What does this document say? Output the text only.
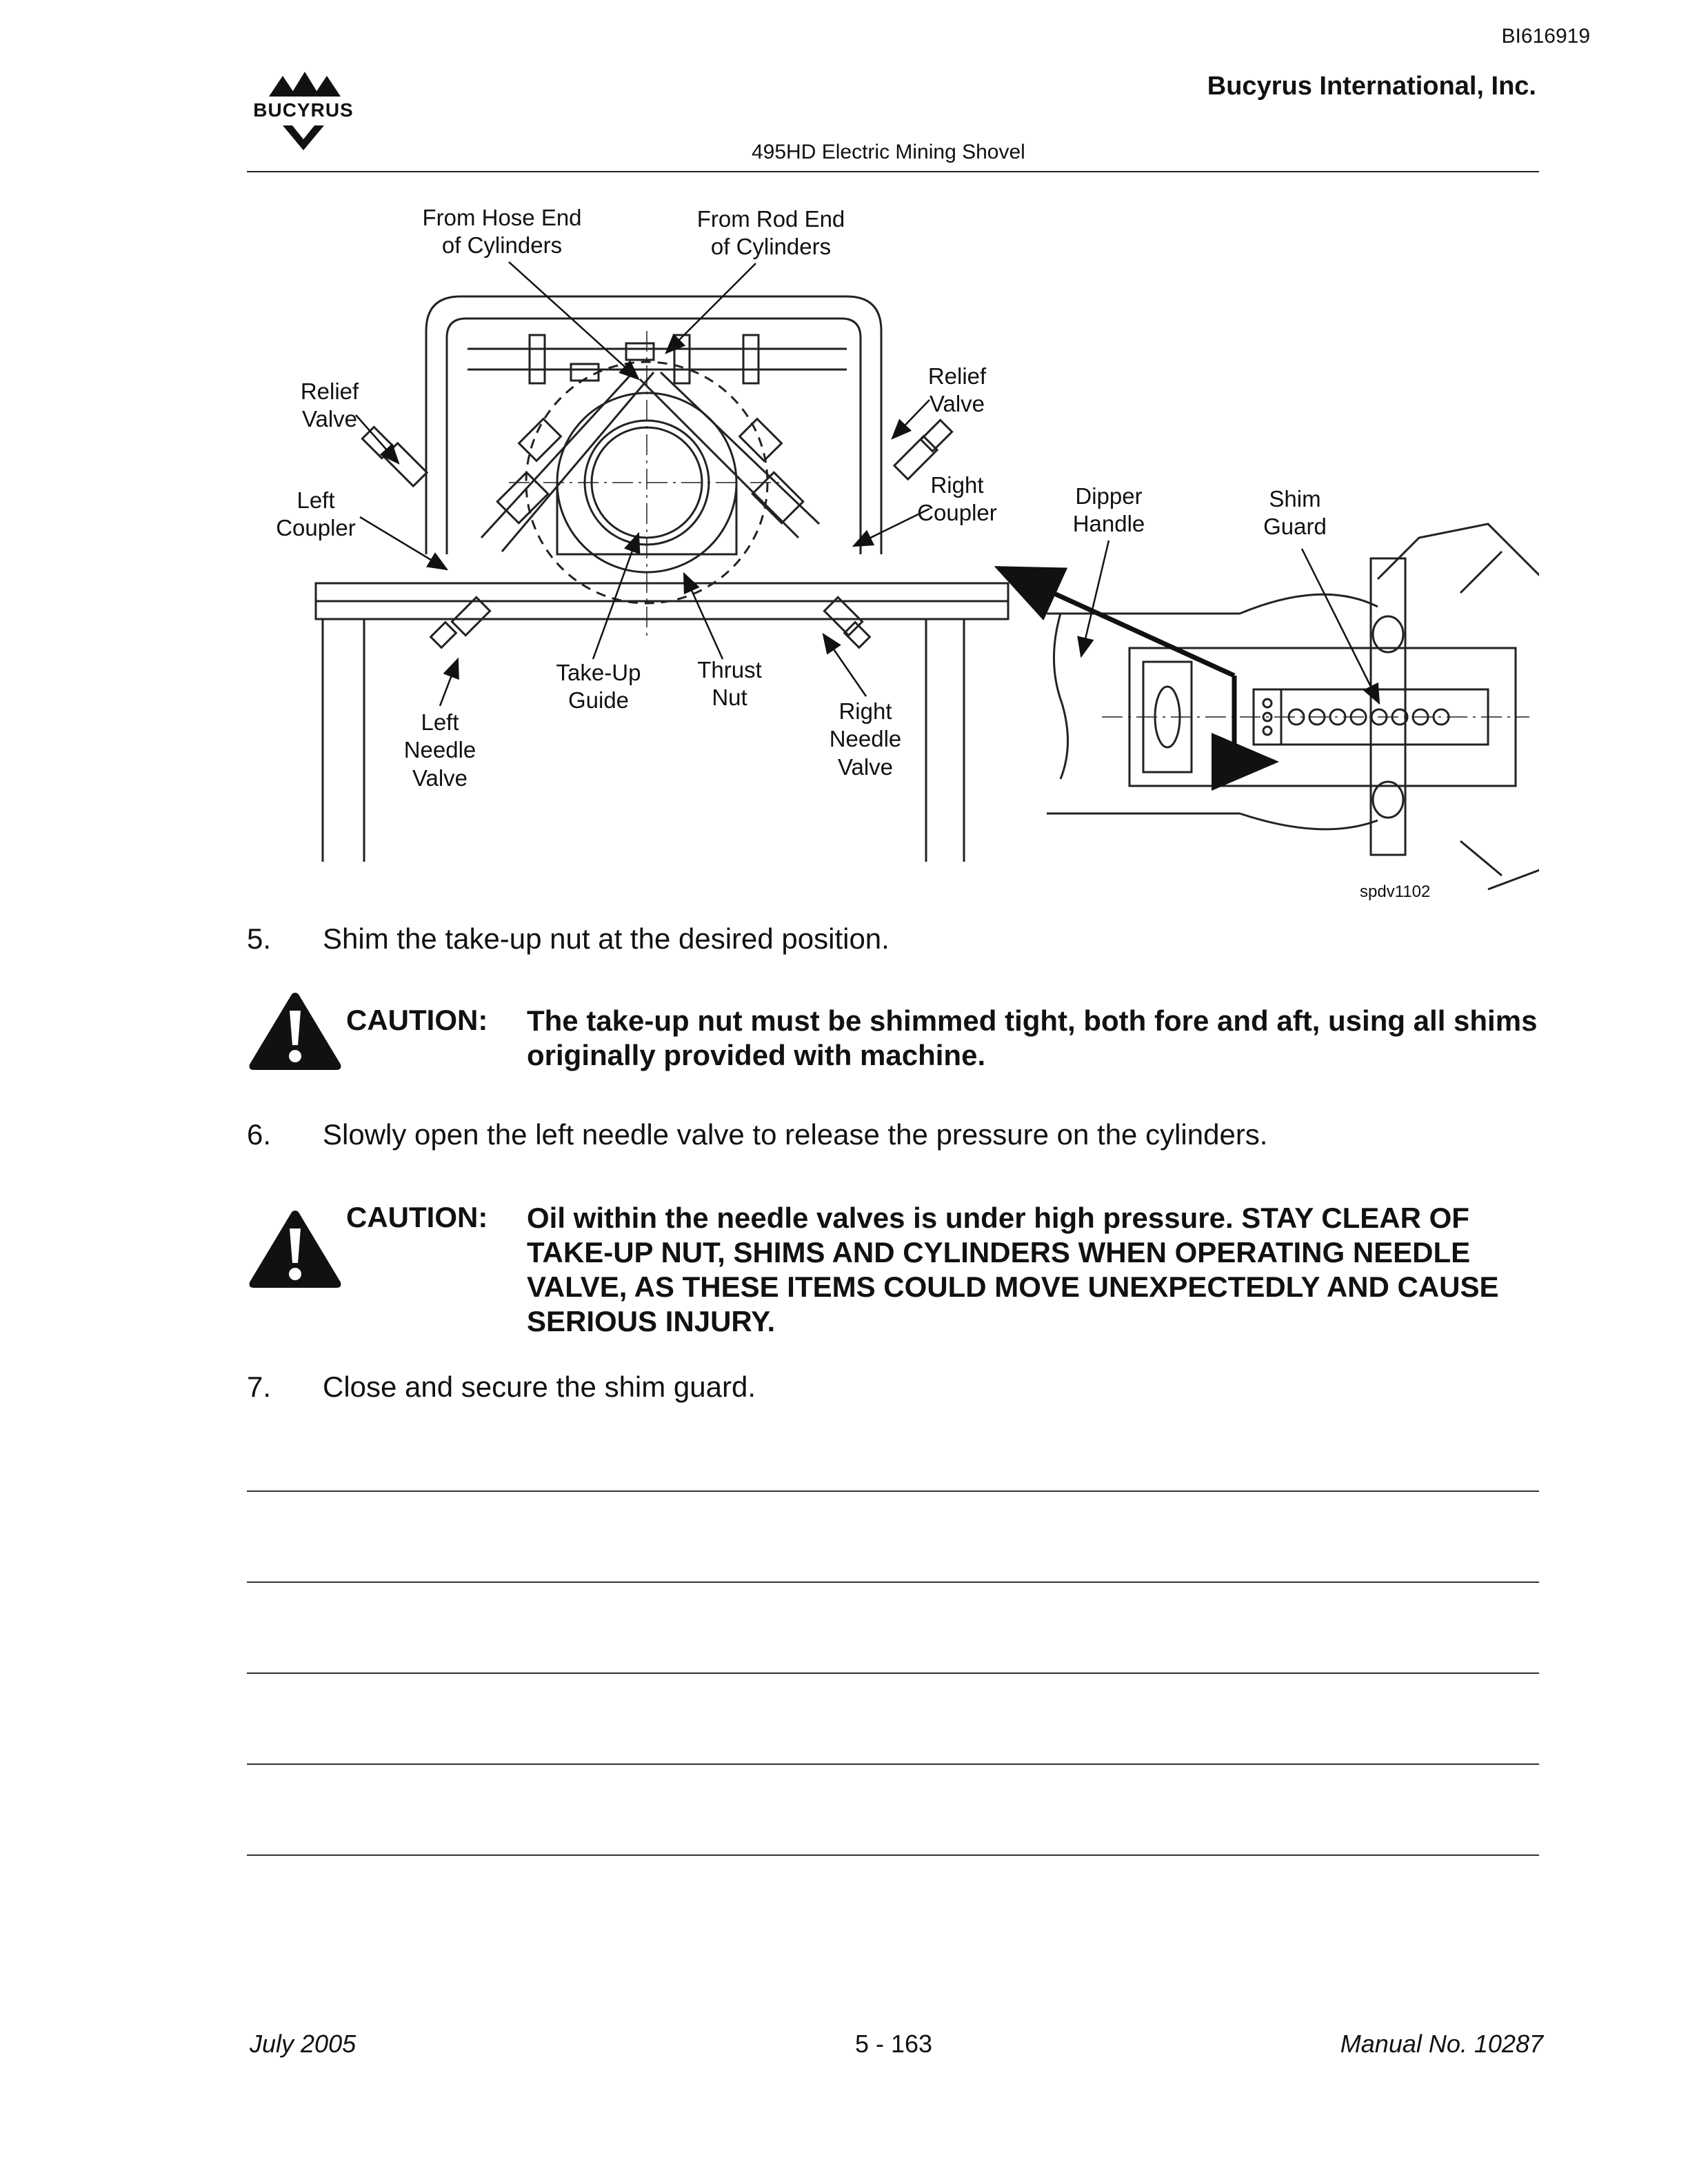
BI616919
BUCYRUS
Bucyrus International, Inc.
495HD Electric Mining Shovel
From Hose End
of Cylinders
From Rod End
of Cylinders
Relief
Valve
Relief
Valve
Left
Coupler
Right
Coupler
Take-Up
Guide
Thrust
Nut
Left
Needle
Valve
Right
Needle
Valve
Dipper
Handle
Shim
Guard
spdv1102
5. Shim the take-up nut at the desired position.
CAUTION: The take-up nut must be shimmed tight, both fore and aft, using all shims originally provided with machine.
6. Slowly open the left needle valve to release the pressure on the cylinders.
CAUTION: Oil within the needle valves is under high pressure. STAY CLEAR OF TAKE-UP NUT, SHIMS AND CYLINDERS WHEN OPERATING NEEDLE VALVE, AS THESE ITEMS COULD MOVE UNEXPECTEDLY AND CAUSE SERIOUS INJURY.
7. Close and secure the shim guard.
July 2005	5 - 163	Manual No. 10287
